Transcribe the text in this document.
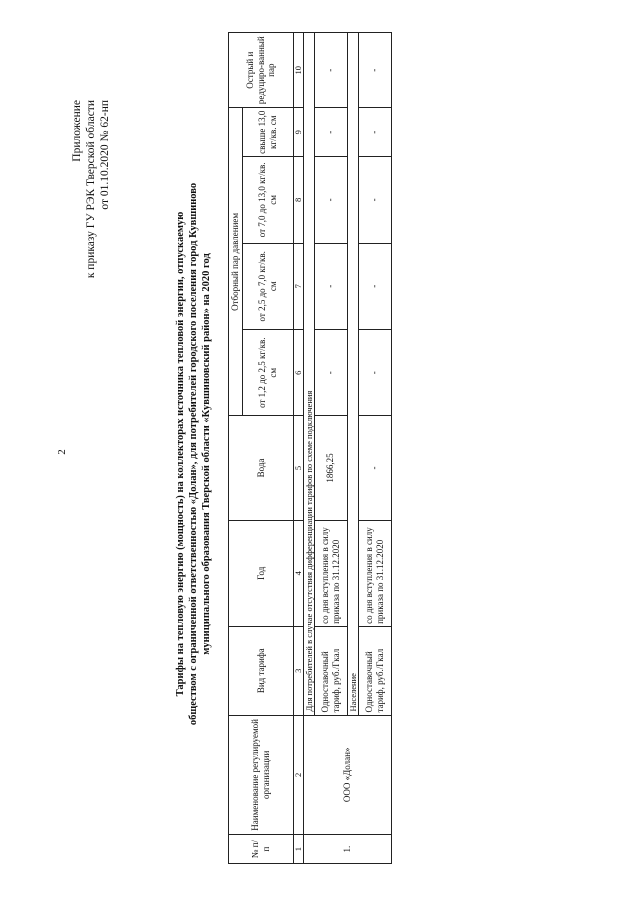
2
Приложение к приказу ГУ РЭК Тверской области от 01.10.2020 № 62-нп
Тарифы на тепловую энергию (мощность) на коллекторах источника тепловой энергии, отпускаемую обществом с ограниченной ответственностью «Долан», для потребителей городского поселения город Кувшиново муниципального образования Тверской области «Кувшиновский район» на 2020 год
№ п/ п	Наименование регулируемой организации	Вид тарифа	Год	Вода	Отборный пар давлением				Острый и редуциро-ванный пар
					от 1,2 до 2,5 кг/кв. см	от 2,5 до 7,0 кг/кв. см	от 7,0 до 13,0 кг/кв. см	свыше 13,0 кг/кв. см	
1	2	3	4	5	6	7	8	9	10
1.	ООО «Долан»	Для потребителей в случае отсутствия дифференциации тарифов по схеме подключения							
		Одноставочный тариф, руб./Гкал	со дня вступления в силу приказа по 31.12.2020	1866,25	-	-	-	-	-
		Население							
		Одноставочный тариф, руб./Гкал	со дня вступления в силу приказа по 31.12.2020	-	-	-	-	-	-
